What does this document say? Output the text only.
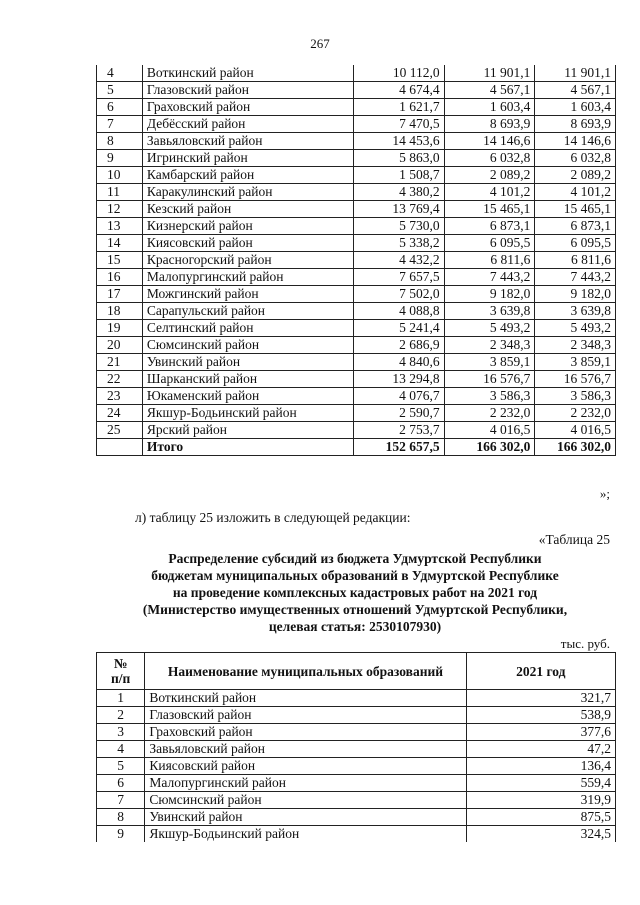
267
4	Воткинский район	10 112,0	11 901,1	11 901,1
5	Глазовский район	4 674,4	4 567,1	4 567,1
6	Граховский район	1 621,7	1 603,4	1 603,4
7	Дебёсский район	7 470,5	8 693,9	8 693,9
8	Завьяловский район	14 453,6	14 146,6	14 146,6
9	Игринский район	5 863,0	6 032,8	6 032,8
10	Камбарский район	1 508,7	2 089,2	2 089,2
11	Каракулинский район	4 380,2	4 101,2	4 101,2
12	Кезский район	13 769,4	15 465,1	15 465,1
13	Кизнерский район	5 730,0	6 873,1	6 873,1
14	Киясовский район	5 338,2	6 095,5	6 095,5
15	Красногорский район	4 432,2	6 811,6	6 811,6
16	Малопургинский район	7 657,5	7 443,2	7 443,2
17	Можгинский район	7 502,0	9 182,0	9 182,0
18	Сарапульский район	4 088,8	3 639,8	3 639,8
19	Селтинский район	5 241,4	5 493,2	5 493,2
20	Сюмсинский район	2 686,9	2 348,3	2 348,3
21	Увинский район	4 840,6	3 859,1	3 859,1
22	Шарканский район	13 294,8	16 576,7	16 576,7
23	Юкаменский район	4 076,7	3 586,3	3 586,3
24	Якшур-Бодьинский район	2 590,7	2 232,0	2 232,0
25	Ярский район	2 753,7	4 016,5	4 016,5
	Итого	152 657,5	166 302,0	166 302,0
»;
л) таблицу 25 изложить в следующей редакции:
«Таблица 25
Распределение субсидий из бюджета Удмуртской Республики
бюджетам муниципальных образований в Удмуртской Республике
на проведение комплексных кадастровых работ на 2021 год
(Министерство имущественных отношений Удмуртской Республики,
целевая статья: 2530107930)
тыс. руб.
№
п/п	Наименование муниципальных образований	2021 год
1	Воткинский район	321,7
2	Глазовский район	538,9
3	Граховский район	377,6
4	Завьяловский район	47,2
5	Киясовский район	136,4
6	Малопургинский район	559,4
7	Сюмсинский район	319,9
8	Увинский район	875,5
9	Якшур-Бодьинский район	324,5
